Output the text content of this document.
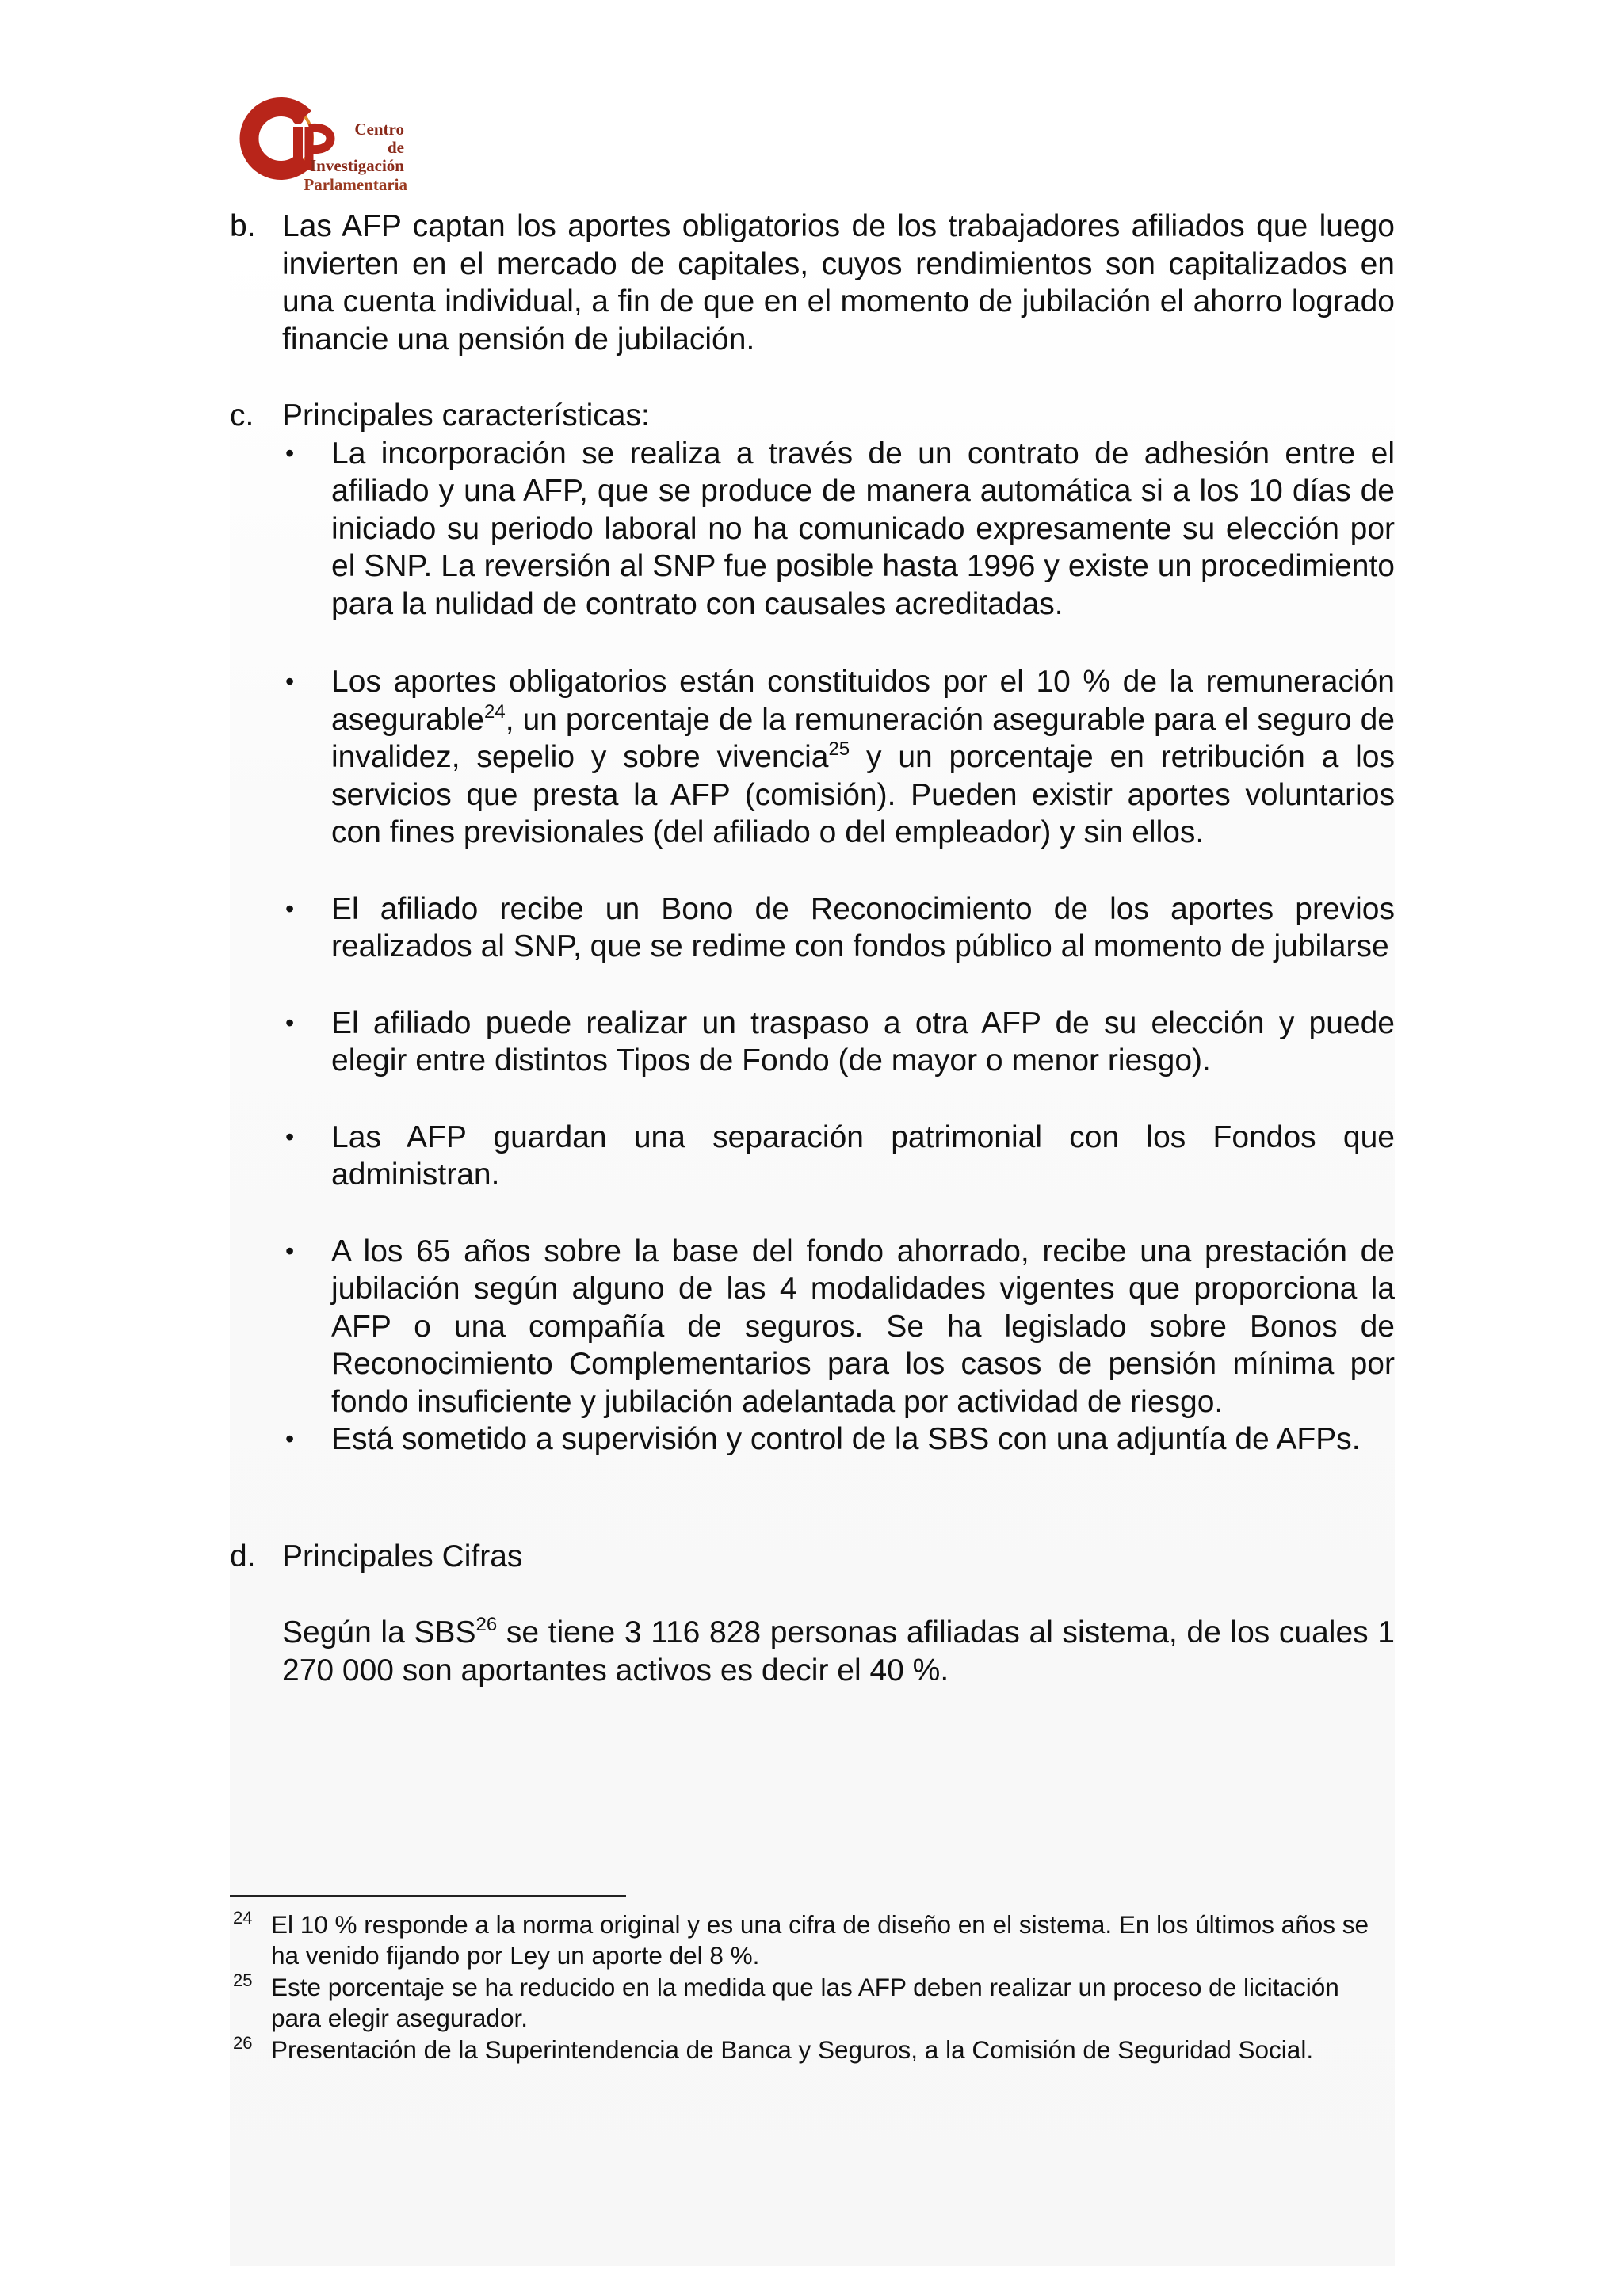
CIP
Centro
de
Investigación
Parlamentaria
b. Las AFP captan los aportes obligatorios de los trabajadores afiliados que luego invierten en el mercado de capitales, cuyos rendimientos son capitalizados en una cuenta individual, a fin de que en el momento de jubilación el ahorro logrado financie una pensión de jubilación.

c. Principales características:

• La incorporación se realiza a través de un contrato de adhesión entre el afiliado y una AFP, que se produce de manera automática si a los 10 días de iniciado su periodo laboral no ha comunicado expresamente su elección por el SNP. La reversión al SNP fue posible hasta 1996 y existe un procedimiento para la nulidad de contrato con causales acreditadas.
• Los aportes obligatorios están constituidos por el 10 % de la remuneración asegurable$^{24}$, un porcentaje de la remuneración asegurable para el seguro de invalidez, sepelio y sobre vivencia$^{25}$ y un porcentaje en retribución a los servicios que presta la AFP (comisión). Pueden existir aportes voluntarios con fines previsionales (del afiliado o del empleador) y sin ellos.
• El afiliado recibe un Bono de Reconocimiento de los aportes previos realizados al SNP, que se redime con fondos público al momento de jubilarse
• El afiliado puede realizar un traspaso a otra AFP de su elección y puede elegir entre distintos Tipos de Fondo (de mayor o menor riesgo).
• Las AFP guardan una separación patrimonial con los Fondos que administran.
• A los 65 años sobre la base del fondo ahorrado, recibe una prestación de jubilación según alguno de las 4 modalidades vigentes que proporciona la AFP o una compañía de seguros. Se ha legislado sobre Bonos de Reconocimiento Complementarios para los casos de pensión mínima por fondo insuficiente y jubilación adelantada por actividad de riesgo.
• Está sometido a supervisión y control de la SBS con una adjuntía de AFPs.
d. Principales Cifras

Según la SBS$^{26}$ se tiene 3 116 828 personas afiliadas al sistema, de los cuales 1 270 000 son aportantes activos es decir el 40 %.

24 El 10 % responde a la norma original y es una cifra de diseño en el sistema. En los últimos años se ha venido fijando por Ley un aporte del 8 %.

25 Este porcentaje se ha reducido en la medida que las AFP deben realizar un proceso de licitación para elegir asegurador.

26 Presentación de la Superintendencia de Banca y Seguros, a la Comisión de Seguridad Social.
